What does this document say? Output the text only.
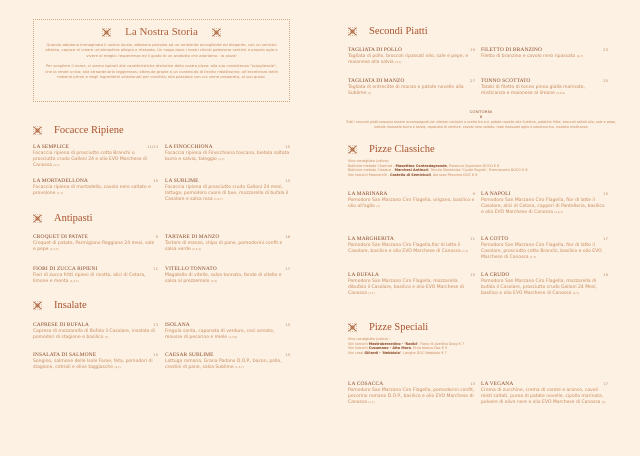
La Nostra Storia

Quando abbiamo immaginato il nostro locale, abbiamo pensato ad un ambiente accogliente ed elegante, con un servizio attento, capace di creare un'atmosfera allegra e rilassata. Un luogo dove i nostri clienti potessero sentirsi a proprio agio e vivere al meglio l'esperienza ed il gusto di un prodotto che adoriamo : la pizza!

Per scegliere il nome, ci siamo ispirati alle caratteristiche distintive della nostra pizza: alla sua consistenza "scioglievole", che la rende unica; alla straordinaria leggerezza, ottenuta grazie a un contenuto di lievito ridottissimo; all'eccellenza delle materie prime e degli ingredienti selezionati per condirla; alla passione con cui viene preparata, al suo gusto.

Focacce Ripiene
LA SEMPLICE	11/13
Focaccia ripiena di prosciutto cotto Branchi o prosciutto crudo Galloni 24 e olio EVO Marchese di Canossa (1,7)
LA FINOCCHIONA	15
Focaccia ripiena di Finocchiona toscana, bietola saltata burro e salvia, taleggio (1,7)
LA MORTADELLONA	15
Focaccia ripiena di mortadella, cavolo nero saltato e provolone (1,7)
LA SUBLIME	15
Focaccia ripiena di prosciutto crudo Galloni 24 mesi, lattuga, pomodoro cuore di bue, mozzarella di bufala il Casolare e salsa rosa (1,3,7)
Antipasti
CROQUET DI PATATE	9
Croquet di patate, Parmigiano Reggiano 24 mesi, sale e pepe (1,3,7)
TARTARE DI MANZO	16
Tartare di manzo, chips di pane, pomodorini confit e salsa verde (1,3,4)
FIORI DI ZUCCA RIPIENI	11
Fiori di zucca fritti ripieni di ricotta, alici di Cetara, limone e menta (1,4,7)
VITELLO TONNATO	17
Magatello di vitello, salsa tonnata, fondo di vitello e salsa al prezzemolo (3,4)
Insalate
CAPRESE DI BUFALA	13
Caprese di mozzarella di Bufala il Casolare, insalata di pomodori di stagione e basilico (7)
ISOLANA	15
Fregula sarda, caponata di verdure, ceci arrosto, mousse di pecorino e miele (1,7,9)
INSALATA DI SALMONE	15
Songino, salmone delle Isole Faroe, feta, pomodori di stagione, cetrioli e olive taggiasche (4,7)
CAESAR SUBLIME	15
Lattuga romana, Grana Padano D.O.P., bacon, pollo, crostini di pane, salsa Sublime (1,3,7)
Secondi Piatti
TAGLIATA DI POLLO	19
Tagliata di pollo, broccoli ripassati olio, sale e pepe, e maionese alla salvia (3,7)
FILETTO DI BRANZINO	23
Filetto di branzino e cavolo nero ripassato (4,7)
TAGLIATA DI MANZO	27
Tagliata di entrecôte di manzo e patate novelle alla Sublime (1)
TONNO SCOTTATO	25
Tataki di filetto di tonno pinna gialla marinato, misticanza e maionese al limone (3,4,6)
CONTORNI
6
Tutti i secondi piatti possono essere accompagnati da ulteriori contorni a scelta tra cui: patate novelle alla Sublime, patatine fritte, broccoli saltati olio, sale e pepe, bietole ripassate burro e salvia, caponata di verdure, cavolo nero saltato, rape ripassate aglio e peperoncino, insalata misticanza
Pizze Classiche
Vino consigliato (calice):
Bollicine metodo Charmat - Masottina Contradagranda, Prosecco Superiore DOCG € 6
Bollicine metodo Classico - Marchesi Antinori, Tenuta Montenisa 'Cuvée Royale', Franciacorta DOCG € 8
Vini bianchi Masciarelli - Castello di Semivicoli, Abruzzo Pecorino DOC € 6
LA MARINARA	9
Pomodoro San Marzano Ciro Flagella, origano, basilico e olio all'aglio (1)
LA NAPOLI	15
Pomodoro San Marzano Ciro Flagella, fior di latte il Casolare, alici di Cetara, capperi di Pantelleria, basilico e olio EVO Marchese di Canossa (1,4,7)
LA MARGHERITA	11
Pomodoro San Marzano Ciro Flagella,fior di latte il Casolare, basilico e olio EVO Marchese di Canossa (1,7)
LA COTTO	17
Pomodoro San Marzano Ciro Flagella, fior di latte il Casolare, prosciutto cotto Branchi, basilico e olio EVO Marchese di Canossa (1,7)
LA BUFALA	15
Pomodoro San Marzano Ciro Flagella, mozzarella dibufala il Casolare, basilico e olio EVO Marchese di Canossa (1,7)
LA CRUDO	19
Pomodoro San Marzano Ciro Flagella, mozzarella di bufala il Casolare, prosciutto crudo Galloni 24 Mesi, basilico e olio EVO Marchese di Canossa (1,7)
Pizze Speciali
Vino consigliato (calice) :
Vini bianchi Mastroberardino - 'Radici', Fiano di Avellino Docg € 7
Vini bianchi Cusumano - Alta Mora, Etna bianco Doc € 9
Vini rossi Gillardi - 'Nebbiolo', Langhe DOC Nebbiolo € 7
LA COSACCA	13
Pomodoro San Marzano Ciro Flagella, pomodorini confit, pecorino romano D.O.P., basilico e olio EVO Marchese di Canossa (1,7)
LA VEGANA	17
Crema di zucchine, crema di carote e arance, cavoli misti saltati, purea di patate novelle, cipolla marinata, polvere di olive nere e olio EVO Marchese di Canossa (1)
